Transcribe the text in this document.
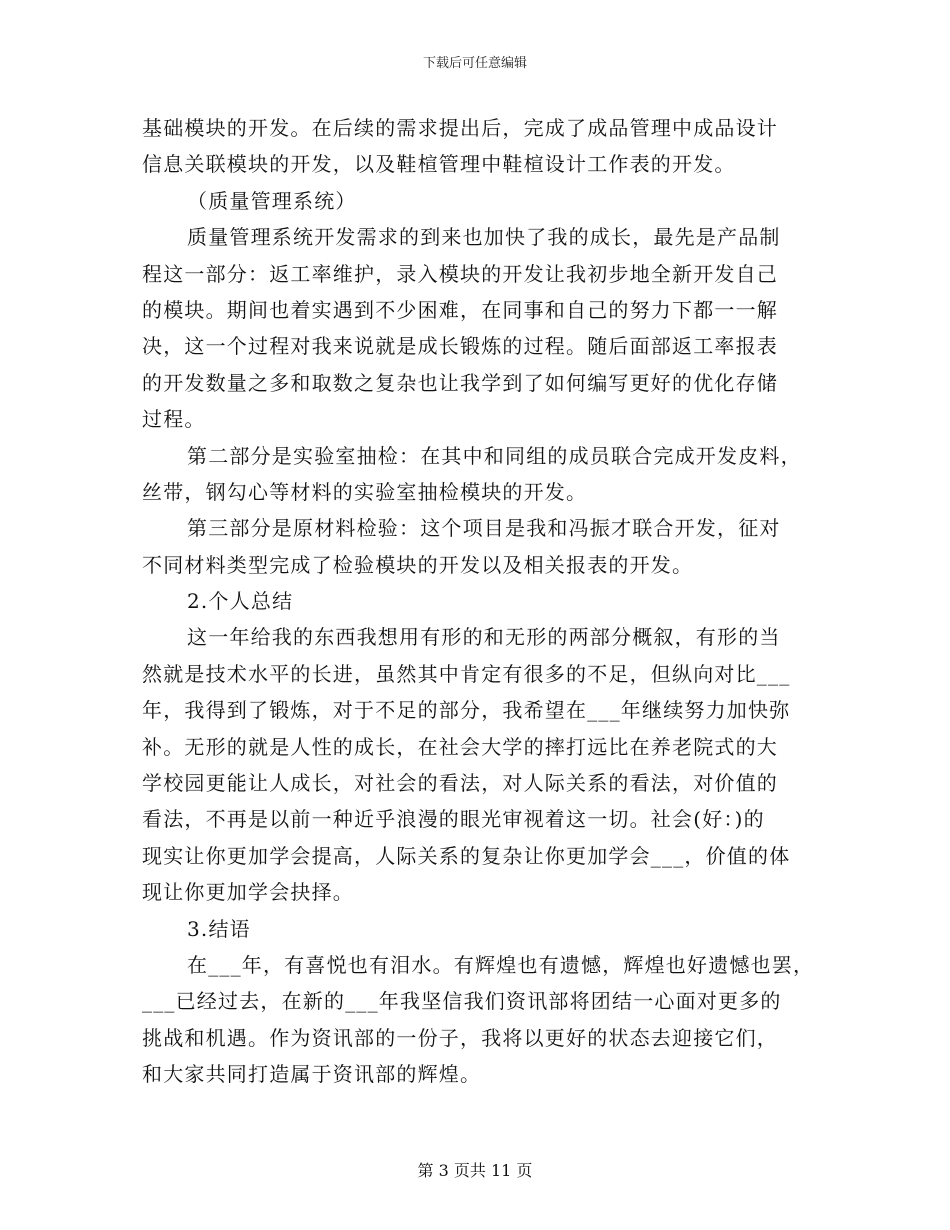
下载后可任意编辑
基础模块的开发。在后续的需求提出后，完成了成品管理中成品设计
信息关联模块的开发，以及鞋楦管理中鞋楦设计工作表的开发。
（质量管理系统）
质量管理系统开发需求的到来也加快了我的成长，最先是产品制
程这一部分：返工率维护，录入模块的开发让我初步地全新开发自己
的模块。期间也着实遇到不少困难，在同事和自己的努力下都一一解
决，这一个过程对我来说就是成长锻炼的过程。随后面部返工率报表
的开发数量之多和取数之复杂也让我学到了如何编写更好的优化存储
过程。
第二部分是实验室抽检：在其中和同组的成员联合完成开发皮料，
丝带，钢勾心等材料的实验室抽检模块的开发。
第三部分是原材料检验：这个项目是我和冯振才联合开发，征对
不同材料类型完成了检验模块的开发以及相关报表的开发。
2.个人总结
这一年给我的东西我想用有形的和无形的两部分概叙，有形的当
然就是技术水平的长进，虽然其中肯定有很多的不足，但纵向对比___
年，我得到了锻炼，对于不足的部分，我希望在___年继续努力加快弥
补。无形的就是人性的成长，在社会大学的摔打远比在养老院式的大
学校园更能让人成长，对社会的看法，对人际关系的看法，对价值的
看法，不再是以前一种近乎浪漫的眼光审视着这一切。社会(好：)的
现实让你更加学会提高，人际关系的复杂让你更加学会___，价值的体
现让你更加学会抉择。
3.结语
在___年，有喜悦也有泪水。有辉煌也有遗憾，辉煌也好遗憾也罢，
___已经过去，在新的___年我坚信我们资讯部将团结一心面对更多的
挑战和机遇。作为资讯部的一份子，我将以更好的状态去迎接它们，
和大家共同打造属于资讯部的辉煌。
第 3 页共 11 页
